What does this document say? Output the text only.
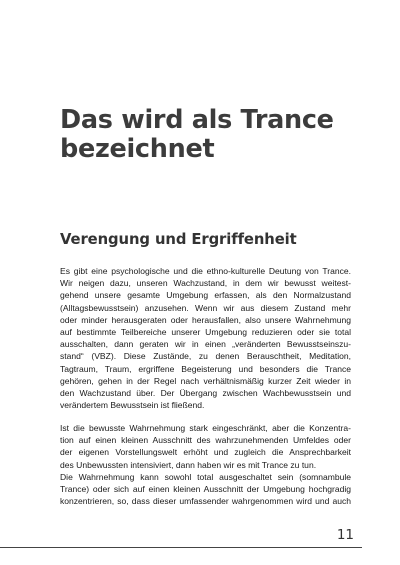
Das wird als Trance
bezeichnet
Verengung und Ergriffenheit
Es gibt eine psychologische und die ethno-kulturelle Deutung von Trance.
Wir neigen dazu, unseren Wachzustand, in dem wir bewusst weitest-
gehend unsere gesamte Umgebung erfassen, als den Normalzustand
(Alltagsbewusstsein) anzusehen. Wenn wir aus diesem Zustand mehr
oder minder herausgeraten oder herausfallen, also unsere Wahrnehmung
auf bestimmte Teilbereiche unserer Umgebung reduzieren oder sie total
ausschalten, dann geraten wir in einen „veränderten Bewusstseinszu-
stand“ (VBZ). Diese Zustände, zu denen Berauschtheit, Meditation,
Tagtraum, Traum, ergriffene Begeisterung und besonders die Trance
gehören, gehen in der Regel nach verhältnismäßig kurzer Zeit wieder in
den Wachzustand über. Der Übergang zwischen Wachbewusstsein und
verändertem Bewusstsein ist fließend.
Ist die bewusste Wahrnehmung stark eingeschränkt, aber die Konzentra-
tion auf einen kleinen Ausschnitt des wahrzunehmenden Umfeldes oder
der eigenen Vorstellungswelt erhöht und zugleich die Ansprechbarkeit
des Unbewussten intensiviert, dann haben wir es mit Trance zu tun.
Die Wahrnehmung kann sowohl total ausgeschaltet sein (somnambule
Trance) oder sich auf einen kleinen Ausschnitt der Umgebung hochgradig
konzentrieren, so, dass dieser umfassender wahrgenommen wird und auch
11
